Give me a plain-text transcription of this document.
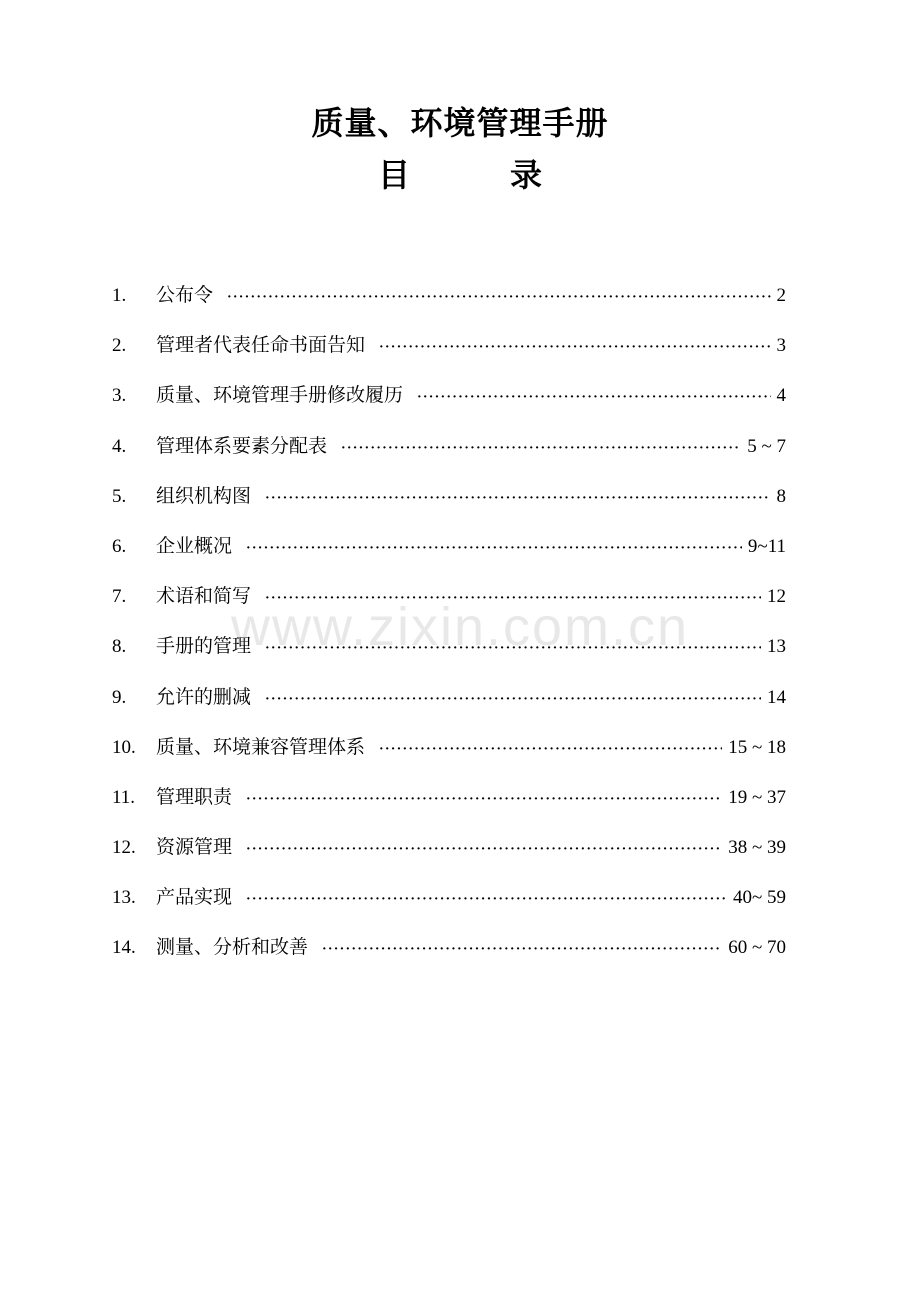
质量、环境管理手册
目	录
1.	公布令 ·····	2
2.	管理者代表任命书面告知 ·····	3
3.	质量、环境管理手册修改履历 ·····	4
4.	管理体系要素分配表 ·····	5 ~ 7
5.	组织机构图 ·····	8
6.	企业概况 ·····	9~11
7.	术语和简写 ·····	12
8.	手册的管理 ·····	13
9.	允许的删减 ·····	14
10.	质量、环境兼容管理体系 ·····	15 ~ 18
11.	管理职责 ·····	19 ~ 37
12.	资源管理 ·····	38 ~ 39
13.	产品实现 ·····	40~ 59
14.	测量、分析和改善 ·····	60 ~ 70
www.zixin.com.cn
